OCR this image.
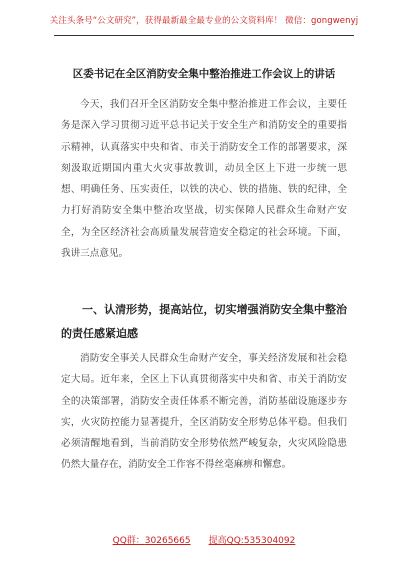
关注头条号“公文研究”，获得最新最全最专业的公文资料库！ 微信：gongwenyj
区委书记在全区消防安全集中整治推进工作会议上的讲话
今天，我们召开全区消防安全集中整治推进工作会议，主要任务是深入学习贯彻习近平总书记关于安全生产和消防安全的重要指示精神，认真落实中央和省、市关于消防安全工作的部署要求，深刻汲取近期国内重大火灾事故教训，动员全区上下进一步统一思想、明确任务、压实责任，以铁的决心、铁的措施、铁的纪律，全力打好消防安全集中整治攻坚战，切实保障人民群众生命财产安全，为全区经济社会高质量发展营造安全稳定的社会环境。下面，我讲三点意见。
一、认清形势，提高站位，切实增强消防安全集中整治的责任感紧迫感
消防安全事关人民群众生命财产安全，事关经济发展和社会稳定大局。近年来，全区上下认真贯彻落实中央和省、市关于消防安全的决策部署，消防安全责任体系不断完善，消防基础设施逐步夯实，火灾防控能力显著提升，全区消防安全形势总体平稳。但我们必须清醒地看到，当前消防安全形势依然严峻复杂，火灾风险隐患仍然大量存在，消防安全工作容不得丝毫麻痹和懈怠。
QQ群：30265665 提高QQ:535304092
